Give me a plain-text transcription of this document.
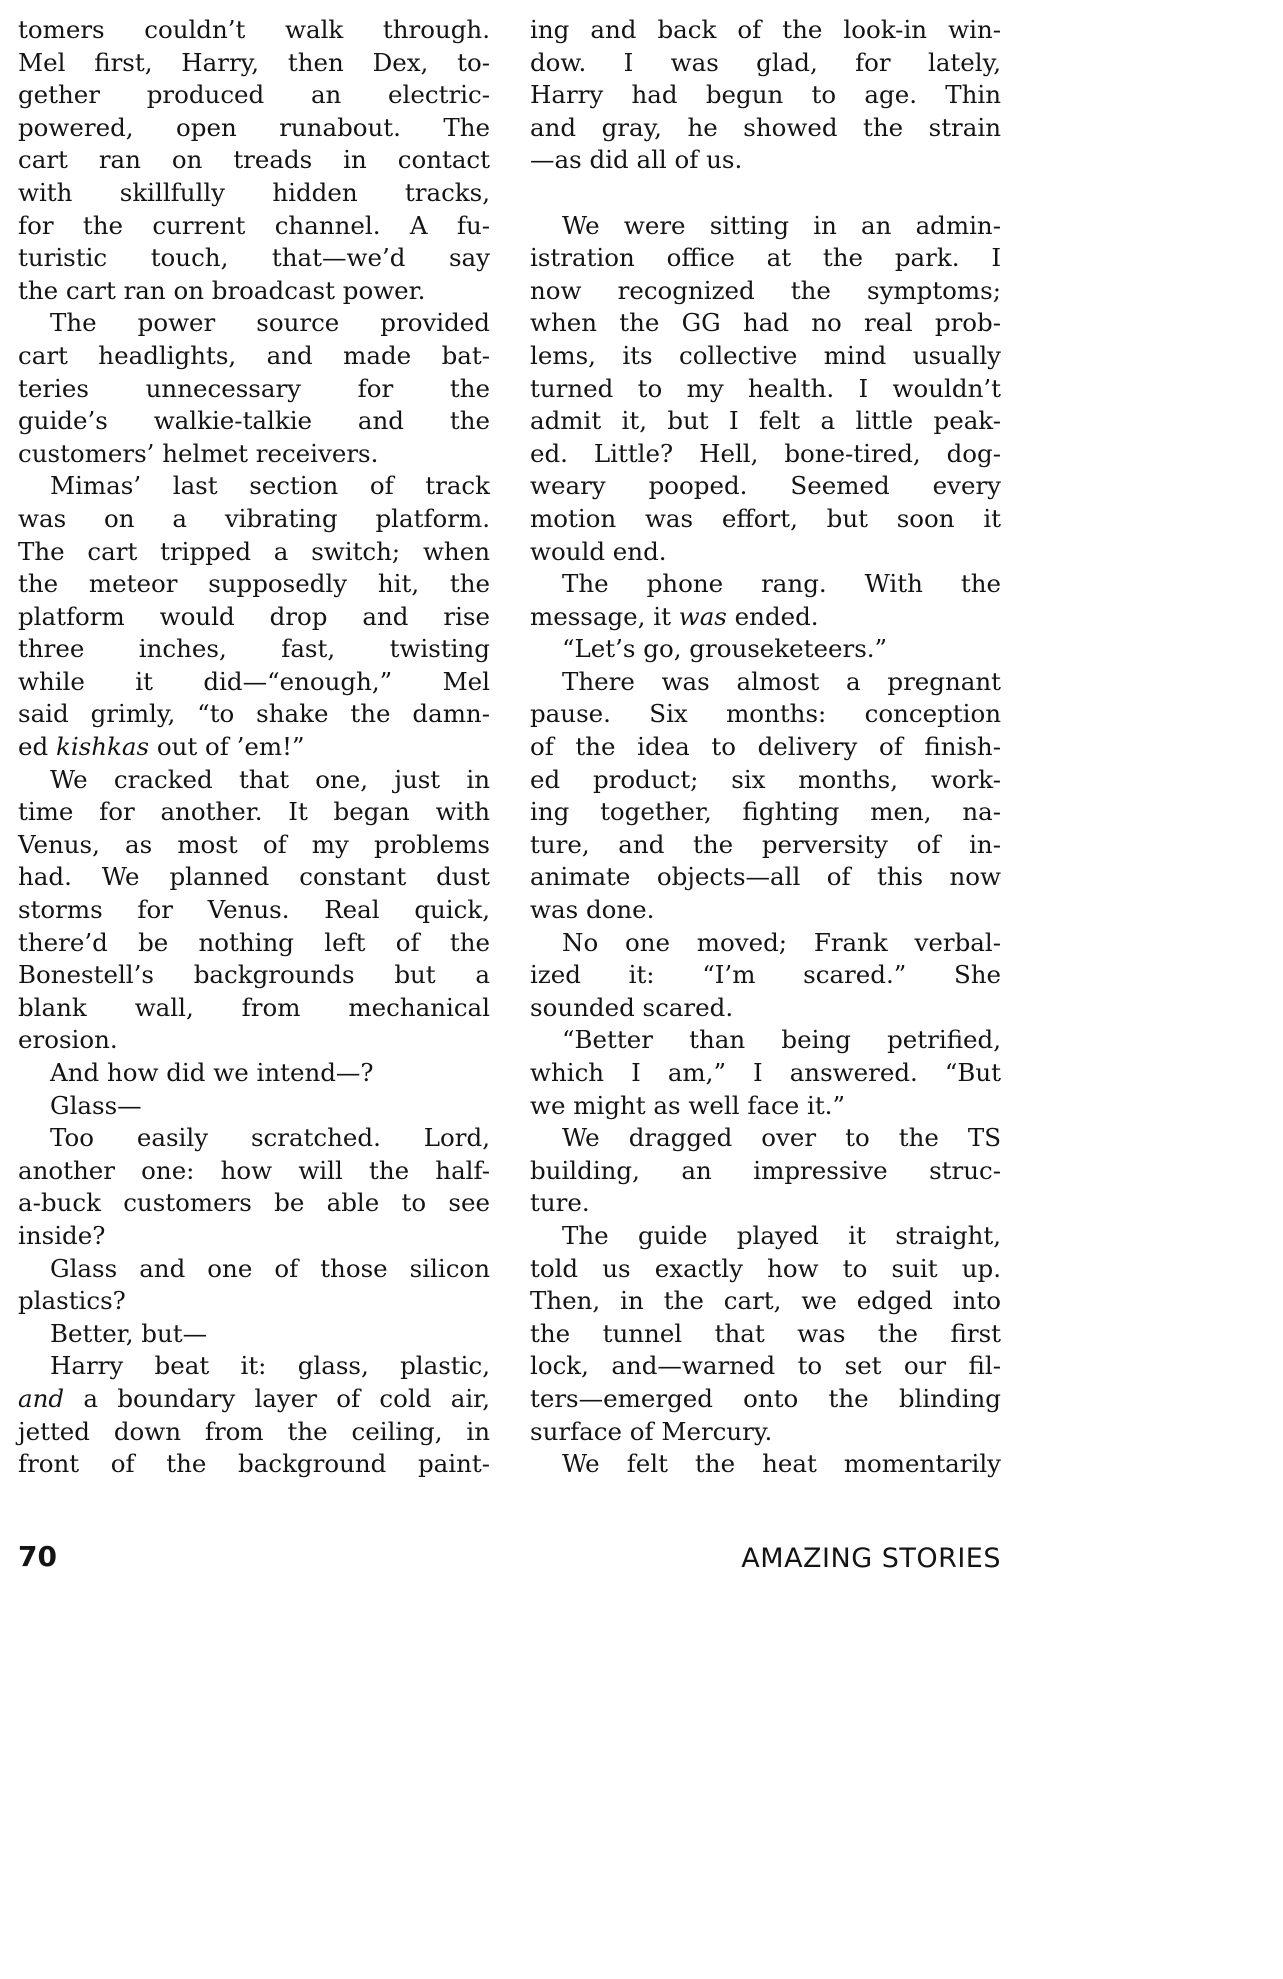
tomers couldn’t walk through.
Mel first, Harry, then Dex, to-
gether produced an electric-
powered, open runabout. The
cart ran on treads in contact
with skillfully hidden tracks,
for the current channel. A fu-
turistic touch, that—we’d say
the cart ran on broadcast power.
The power source provided
cart headlights, and made bat-
teries unnecessary for the
guide’s walkie-talkie and the
customers’ helmet receivers.
Mimas’ last section of track
was on a vibrating platform.
The cart tripped a switch; when
the meteor supposedly hit, the
platform would drop and rise
three inches, fast, twisting
while it did—“enough,” Mel
said grimly, “to shake the damn-
ed kishkas out of ’em!”
We cracked that one, just in
time for another. It began with
Venus, as most of my problems
had. We planned constant dust
storms for Venus. Real quick,
there’d be nothing left of the
Bonestell’s backgrounds but a
blank wall, from mechanical
erosion.
And how did we intend—?
Glass—
Too easily scratched. Lord,
another one: how will the half-
a-buck customers be able to see
inside?
Glass and one of those silicon
plastics?
Better, but—
Harry beat it: glass, plastic,
and a boundary layer of cold air,
jetted down from the ceiling, in
front of the background paint-
ing and back of the look-in win-
dow. I was glad, for lately,
Harry had begun to age. Thin
and gray, he showed the strain
—as did all of us.
We were sitting in an admin-
istration office at the park. I
now recognized the symptoms;
when the GG had no real prob-
lems, its collective mind usually
turned to my health. I wouldn’t
admit it, but I felt a little peak-
ed. Little? Hell, bone-tired, dog-
weary pooped. Seemed every
motion was effort, but soon it
would end.
The phone rang. With the
message, it was ended.
“Let’s go, grouseketeers.”
There was almost a pregnant
pause. Six months: conception
of the idea to delivery of finish-
ed product; six months, work-
ing together, fighting men, na-
ture, and the perversity of in-
animate objects—all of this now
was done.
No one moved; Frank verbal-
ized it: “I’m scared.” She
sounded scared.
“Better than being petrified,
which I am,” I answered. “But
we might as well face it.”
We dragged over to the TS
building, an impressive struc-
ture.
The guide played it straight,
told us exactly how to suit up.
Then, in the cart, we edged into
the tunnel that was the first
lock, and—warned to set our fil-
ters—emerged onto the blinding
surface of Mercury.
We felt the heat momentarily
70	AMAZING STORIES
